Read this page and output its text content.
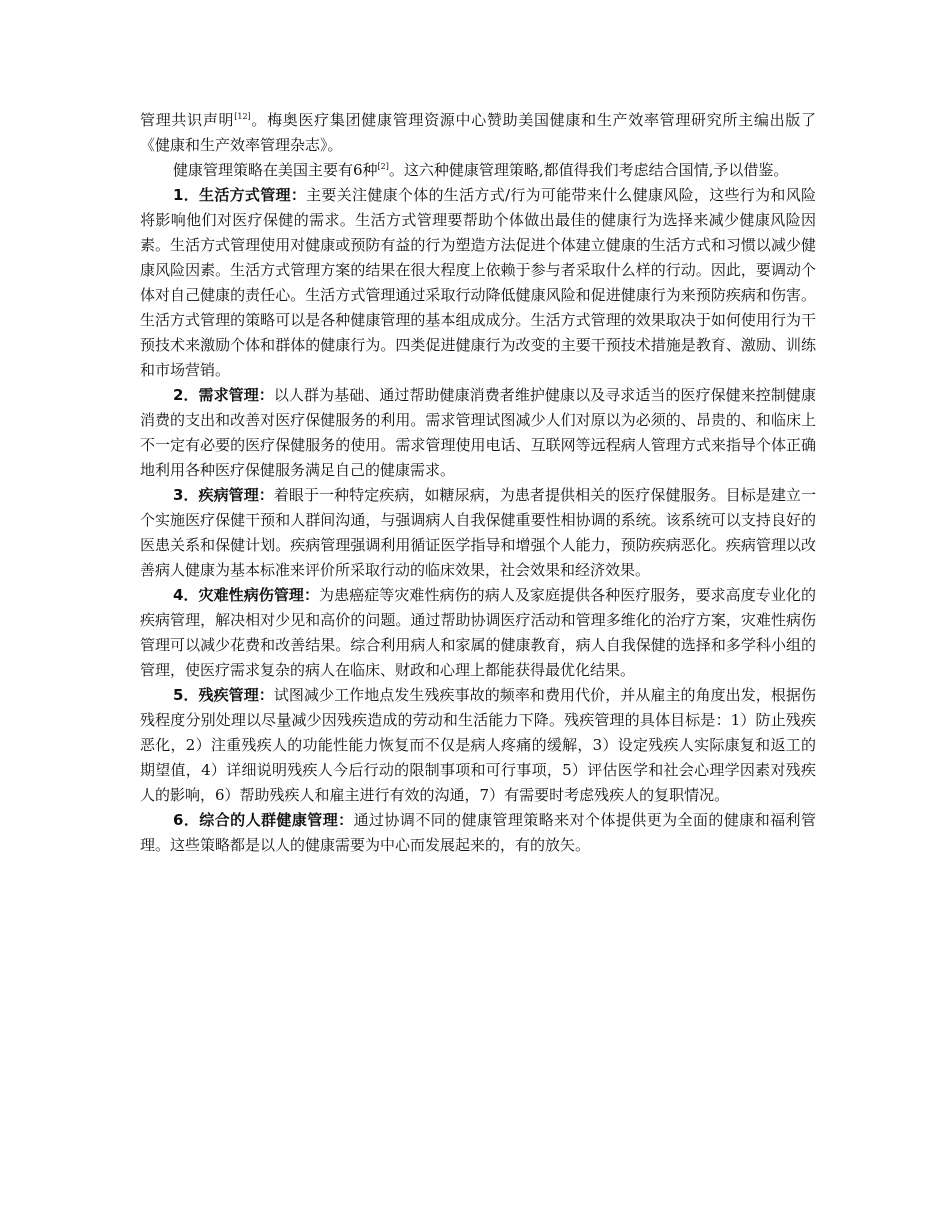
管理共识声明[12]。梅奥医疗集团健康管理资源中心赞助美国健康和生产效率管理研究所主编出版了《健康和生产效率管理杂志》。

健康管理策略在美国主要有6种[2]。这六种健康管理策略,都值得我们考虑结合国情,予以借鉴。

1．生活方式管理：主要关注健康个体的生活方式/行为可能带来什么健康风险，这些行为和风险将影响他们对医疗保健的需求。生活方式管理要帮助个体做出最佳的健康行为选择来减少健康风险因素。生活方式管理使用对健康或预防有益的行为塑造方法促进个体建立健康的生活方式和习惯以减少健康风险因素。生活方式管理方案的结果在很大程度上依赖于参与者采取什么样的行动。因此，要调动个体对自己健康的责任心。生活方式管理通过采取行动降低健康风险和促进健康行为来预防疾病和伤害。生活方式管理的策略可以是各种健康管理的基本组成成分。生活方式管理的效果取决于如何使用行为干预技术来激励个体和群体的健康行为。四类促进健康行为改变的主要干预技术措施是教育、激励、训练和市场营销。

2．需求管理：以人群为基础、通过帮助健康消费者维护健康以及寻求适当的医疗保健来控制健康消费的支出和改善对医疗保健服务的利用。需求管理试图减少人们对原以为必须的、昂贵的、和临床上不一定有必要的医疗保健服务的使用。需求管理使用电话、互联网等远程病人管理方式来指导个体正确地利用各种医疗保健服务满足自己的健康需求。

3．疾病管理：着眼于一种特定疾病，如糖尿病，为患者提供相关的医疗保健服务。目标是建立一个实施医疗保健干预和人群间沟通，与强调病人自我保健重要性相协调的系统。该系统可以支持良好的医患关系和保健计划。疾病管理强调利用循证医学指导和增强个人能力，预防疾病恶化。疾病管理以改善病人健康为基本标准来评价所采取行动的临床效果，社会效果和经济效果。

4．灾难性病伤管理：为患癌症等灾难性病伤的病人及家庭提供各种医疗服务，要求高度专业化的疾病管理，解决相对少见和高价的问题。通过帮助协调医疗活动和管理多维化的治疗方案，灾难性病伤管理可以减少花费和改善结果。综合利用病人和家属的健康教育，病人自我保健的选择和多学科小组的管理，使医疗需求复杂的病人在临床、财政和心理上都能获得最优化结果。

5．残疾管理：试图减少工作地点发生残疾事故的频率和费用代价，并从雇主的角度出发，根据伤残程度分别处理以尽量减少因残疾造成的劳动和生活能力下降。残疾管理的具体目标是：1）防止残疾恶化，2）注重残疾人的功能性能力恢复而不仅是病人疼痛的缓解，3）设定残疾人实际康复和返工的期望值，4）详细说明残疾人今后行动的限制事项和可行事项，5）评估医学和社会心理学因素对残疾人的影响，6）帮助残疾人和雇主进行有效的沟通，7）有需要时考虑残疾人的复职情况。

6．综合的人群健康管理：通过协调不同的健康管理策略来对个体提供更为全面的健康和福利管理。这些策略都是以人的健康需要为中心而发展起来的，有的放矢。
